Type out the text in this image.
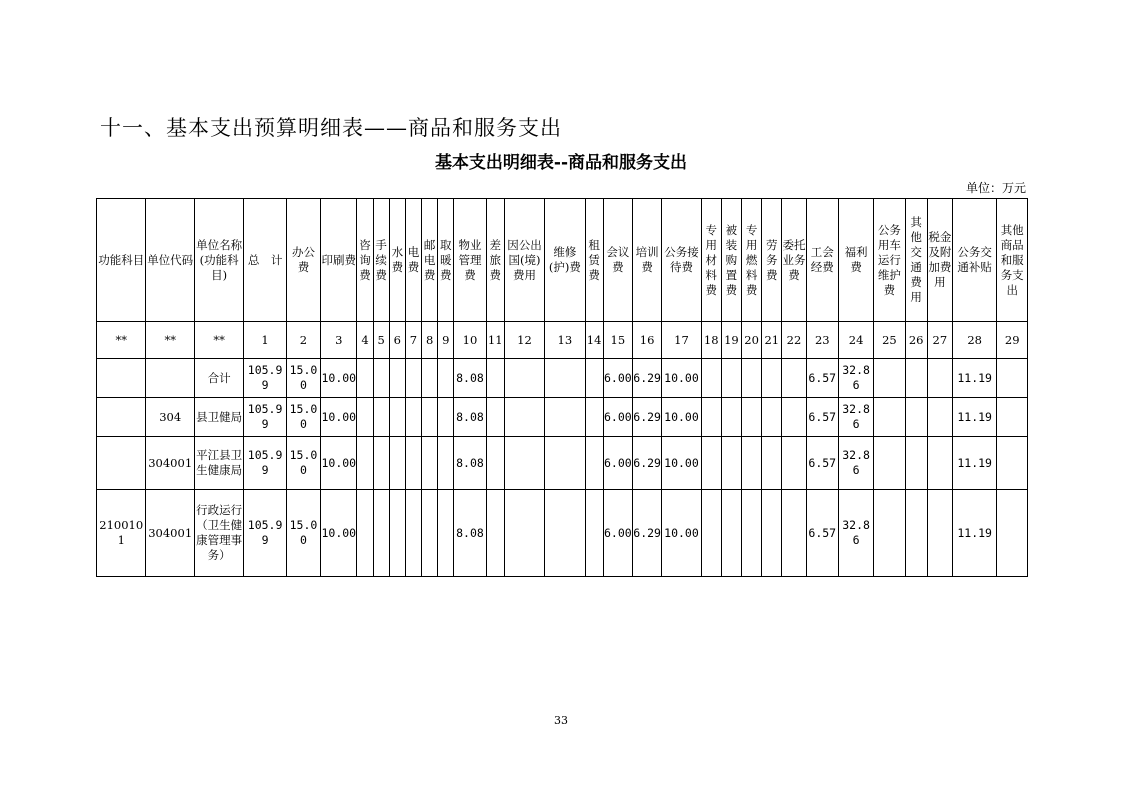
十一、基本支出预算明细表——商品和服务支出
基本支出明细表--商品和服务支出
单位：万元
功能科目	单位代码	单位名称(功能科目)	总　计	办公费	印刷费	咨询费	手续费	水费	电费	邮电费	取暖费	物业管理费	差旅费	因公出国(境)费用	维修(护)费	租赁费	会议费	培训费	公务接待费	专用材料费	被装购置费	专用燃料费	劳务费	委托业务费	工会经费	福利费	公务用车运行维护费	其他交通费用	税金及附加费用	公务交通补贴	其他商品和服务支出
**	**	**	1	2	3	4	5	6	7	8	9	10	11	12	13	14	15	16	17	18	19	20	21	22	23	24	25	26	27	28	29
		合计	105.99	15.00	10.00							8.08					6.00	6.29	10.00						6.57	32.86				11.19	
	304	县卫健局	105.99	15.00	10.00							8.08					6.00	6.29	10.00						6.57	32.86				11.19	
	304001	平江县卫生健康局	105.99	15.00	10.00							8.08					6.00	6.29	10.00						6.57	32.86				11.19	
2100101	304001	行政运行（卫生健康管理事务）	105.99	15.00	10.00							8.08					6.00	6.29	10.00						6.57	32.86				11.19	
33
